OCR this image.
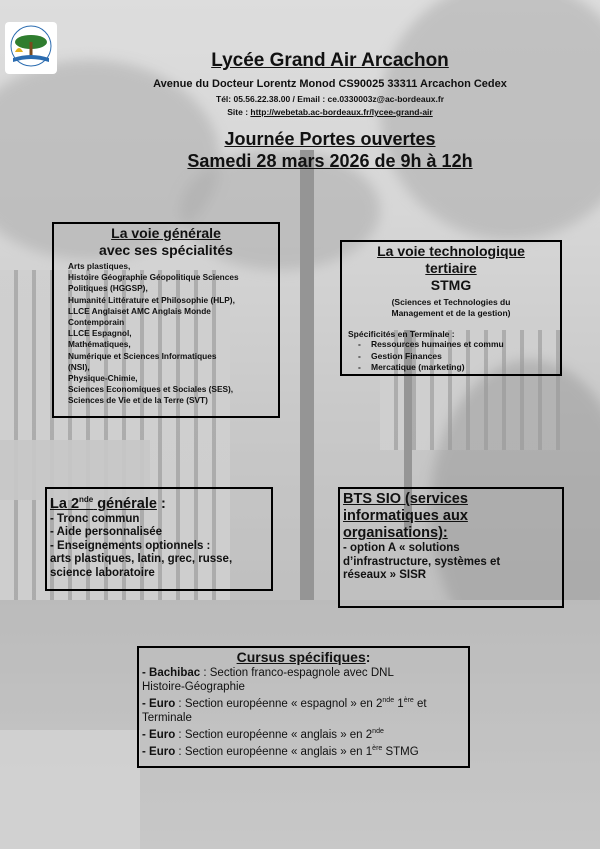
Lycée Grand Air Arcachon
Avenue du Docteur Lorentz Monod CS90025 33311 Arcachon Cedex
Tél: 05.56.22.38.00 / Email : ce.0330003z@ac-bordeaux.fr
Site : http://webetab.ac-bordeaux.fr/lycee-grand-air
Journée Portes ouvertes
Samedi 28 mars 2026 de 9h à 12h
La voie générale
avec ses spécialités
Arts plastiques,
Histoire Géographie Géopolitique Sciences
Politiques (HGGSP),
Humanité Littérature et Philosophie (HLP),
LLCE Anglaiset AMC Anglais Monde
Contemporain
LLCE Espagnol,
Mathématiques,
Numérique et Sciences Informatiques
(NSI),
Physique-Chimie,
Sciences Economiques et Sociales (SES),
Sciences de Vie et de la Terre (SVT)
La voie technologique
tertiaire
STMG
(Sciences et Technologies du
Management et de la gestion)
Spécificités en Terminale :
- Ressources humaines et commu
- Gestion Finances
- Mercatique (marketing)
La 2nde générale :
- Tronc commun
- Aide personnalisée
- Enseignements optionnels :
arts plastiques, latin, grec, russe,
science laboratoire
BTS SIO (services
informatiques aux
organisations):
- option A « solutions
d’infrastructure, systèmes et
réseaux » SISR
Cursus spécifiques:
- Bachibac : Section franco-espagnole avec DNL
Histoire-Géographie
- Euro : Section européenne « espagnol » en 2nde 1ère et
Terminale
- Euro : Section européenne « anglais » en 2nde
- Euro : Section européenne « anglais » en 1ère STMG
